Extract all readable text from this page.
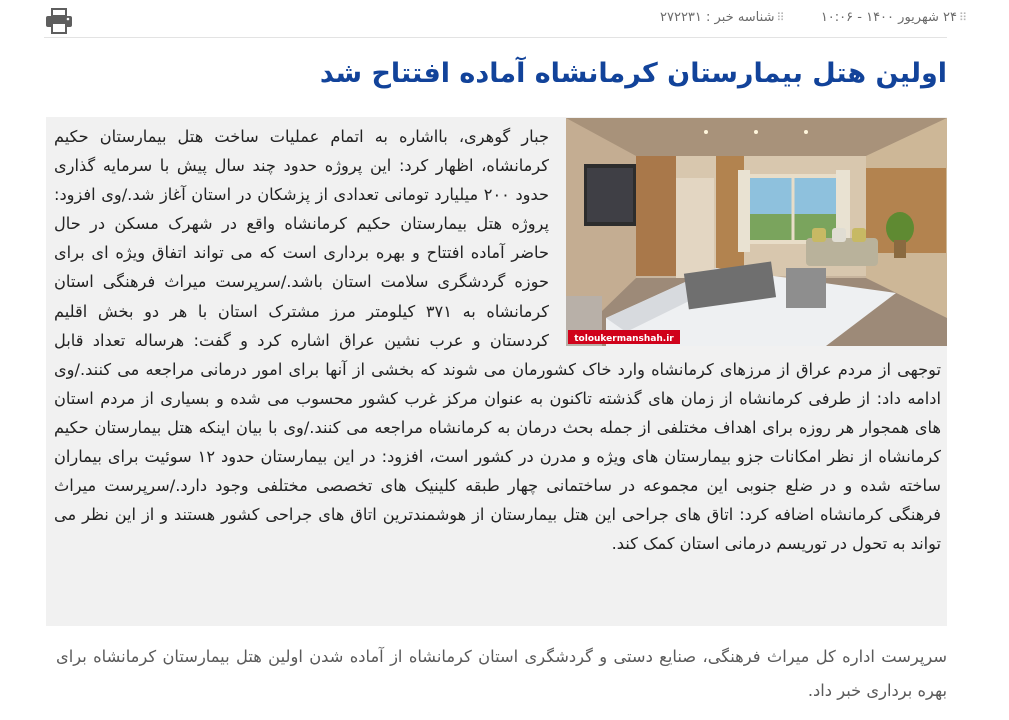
⠿۲۴ شهریور ۱۴۰۰ - ۱۰:۰۶  ⠿شناسه خبر : ۲۷۲۲۳۱
اولین هتل بیمارستان کرمانشاه آماده افتتاح شد
toloukermanshah.ir

جبار گوهری، بااشاره به اتمام عملیات ساخت هتل بیمارستان حکیم کرمانشاه، اظهار کرد: این پروژه حدود چند سال پیش با سرمایه گذاری حدود ۲۰۰ میلیارد تومانی تعدادی از پزشکان در استان آغاز شد./وی افزود: پروژه هتل بیمارستان حکیم کرمانشاه واقع در شهرک مسکن در حال حاضر آماده افتتاح و بهره برداری است که می تواند اتفاق ویژه ای برای حوزه گردشگری سلامت استان باشد./سرپرست میراث فرهنگی استان کرمانشاه به ۳۷۱ کیلومتر مرز مشترک استان با هر دو بخش اقلیم کردستان و عرب نشین عراق اشاره کرد و گفت: هرساله تعداد قابل توجهی از مردم عراق از مرزهای کرمانشاه وارد خاک کشورمان می شوند که بخشی از آنها برای امور درمانی مراجعه می کنند./وی ادامه داد: از طرفی کرمانشاه از زمان های گذشته تاکنون به عنوان مرکز غرب کشور محسوب می شده و بسیاری از مردم استان های همجوار هر روزه برای اهداف مختلفی از جمله بحث درمان به کرمانشاه مراجعه می کنند./وی با بیان اینکه هتل بیمارستان حکیم کرمانشاه از نظر امکانات جزو بیمارستان های ویژه و مدرن در کشور است، افزود: در این بیمارستان حدود ۱۲ سوئیت برای بیماران ساخته شده و در ضلع جنوبی این مجموعه در ساختمانی چهار طبقه کلینیک های تخصصی مختلفی وجود دارد./سرپرست میراث فرهنگی کرمانشاه اضافه کرد: اتاق های جراحی این هتل بیمارستان از هوشمندترین اتاق های جراحی کشور هستند و از این نظر می تواند به تحول در توریسم درمانی استان کمک کند.

سرپرست اداره کل میراث فرهنگی، صنایع دستی و گردشگری استان کرمانشاه از آماده شدن اولین هتل بیمارستان کرمانشاه برای بهره برداری خبر داد.
